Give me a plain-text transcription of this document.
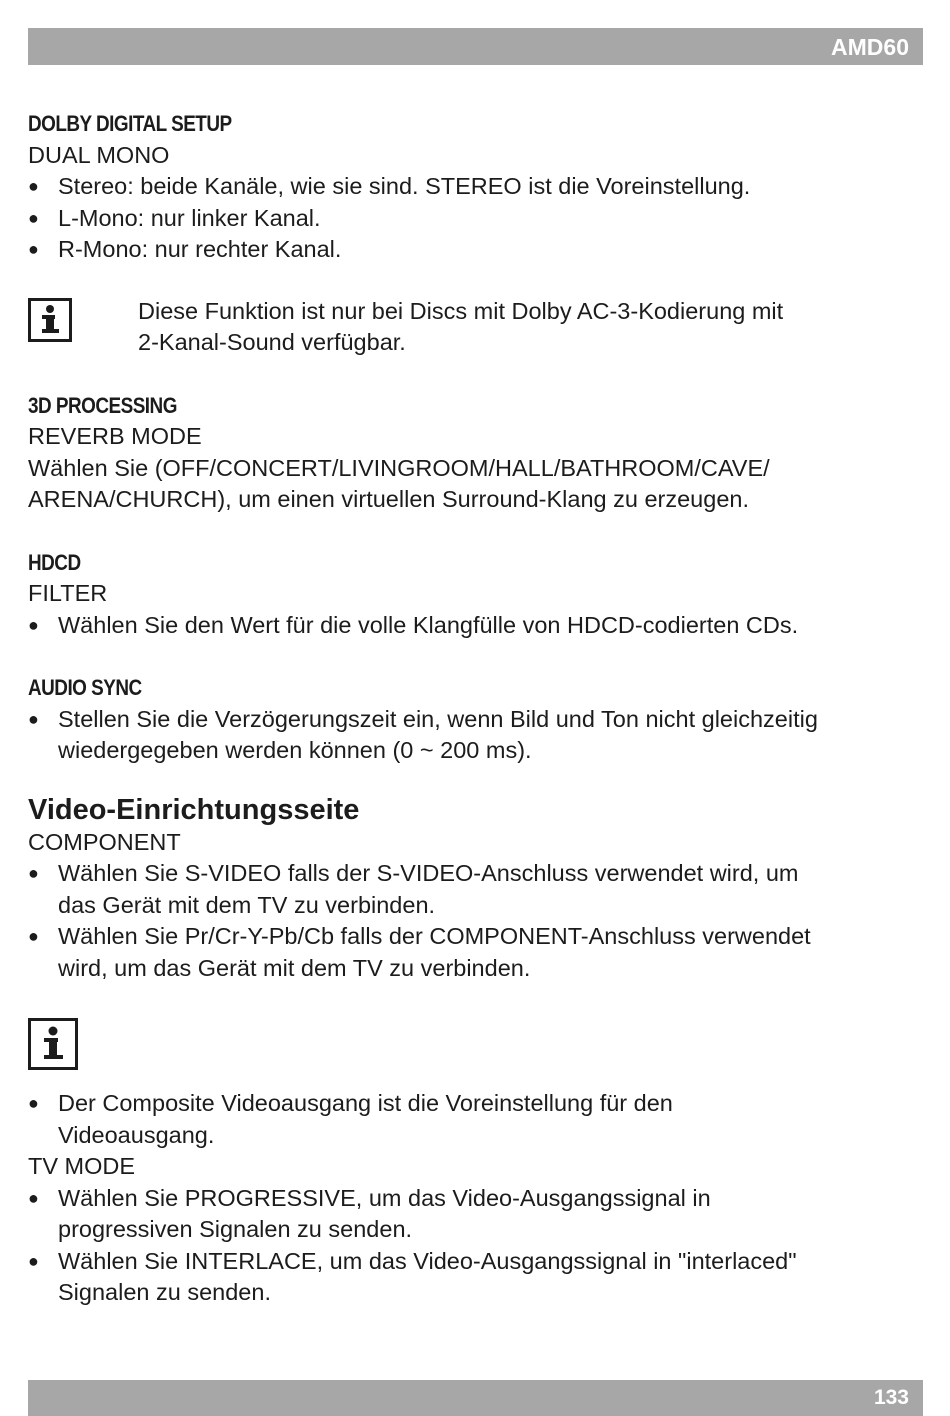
AMD60
DOLBY DIGITAL SETUP
DUAL MONO
● Stereo: beide Kanäle, wie sie sind. STEREO ist die Voreinstellung.
● L-Mono: nur linker Kanal.
● R-Mono: nur rechter Kanal.
Diese Funktion ist nur bei Discs mit Dolby AC-3-Kodierung mit
2-Kanal-Sound verfügbar.
3D PROCESSING
REVERB MODE
Wählen Sie (OFF/CONCERT/LIVINGROOM/HALL/BATHROOM/CAVE/
ARENA/CHURCH), um einen virtuellen Surround-Klang zu erzeugen.
HDCD
FILTER
● Wählen Sie den Wert für die volle Klangfülle von HDCD-codierten CDs.
AUDIO SYNC
● Stellen Sie die Verzögerungszeit ein, wenn Bild und Ton nicht gleichzeitig
wiedergegeben werden können (0 ~ 200 ms).
Video-Einrichtungsseite
COMPONENT
● Wählen Sie S-VIDEO falls der S-VIDEO-Anschluss verwendet wird, um
das Gerät mit dem TV zu verbinden.
● Wählen Sie Pr/Cr-Y-Pb/Cb falls der COMPONENT-Anschluss verwendet
wird, um das Gerät mit dem TV zu verbinden.
● Der Composite Videoausgang ist die Voreinstellung für den
Videoausgang.
TV MODE
● Wählen Sie PROGRESSIVE, um das Video-Ausgangssignal in
progressiven Signalen zu senden.
● Wählen Sie INTERLACE, um das Video-Ausgangssignal in "interlaced"
Signalen zu senden.
133
